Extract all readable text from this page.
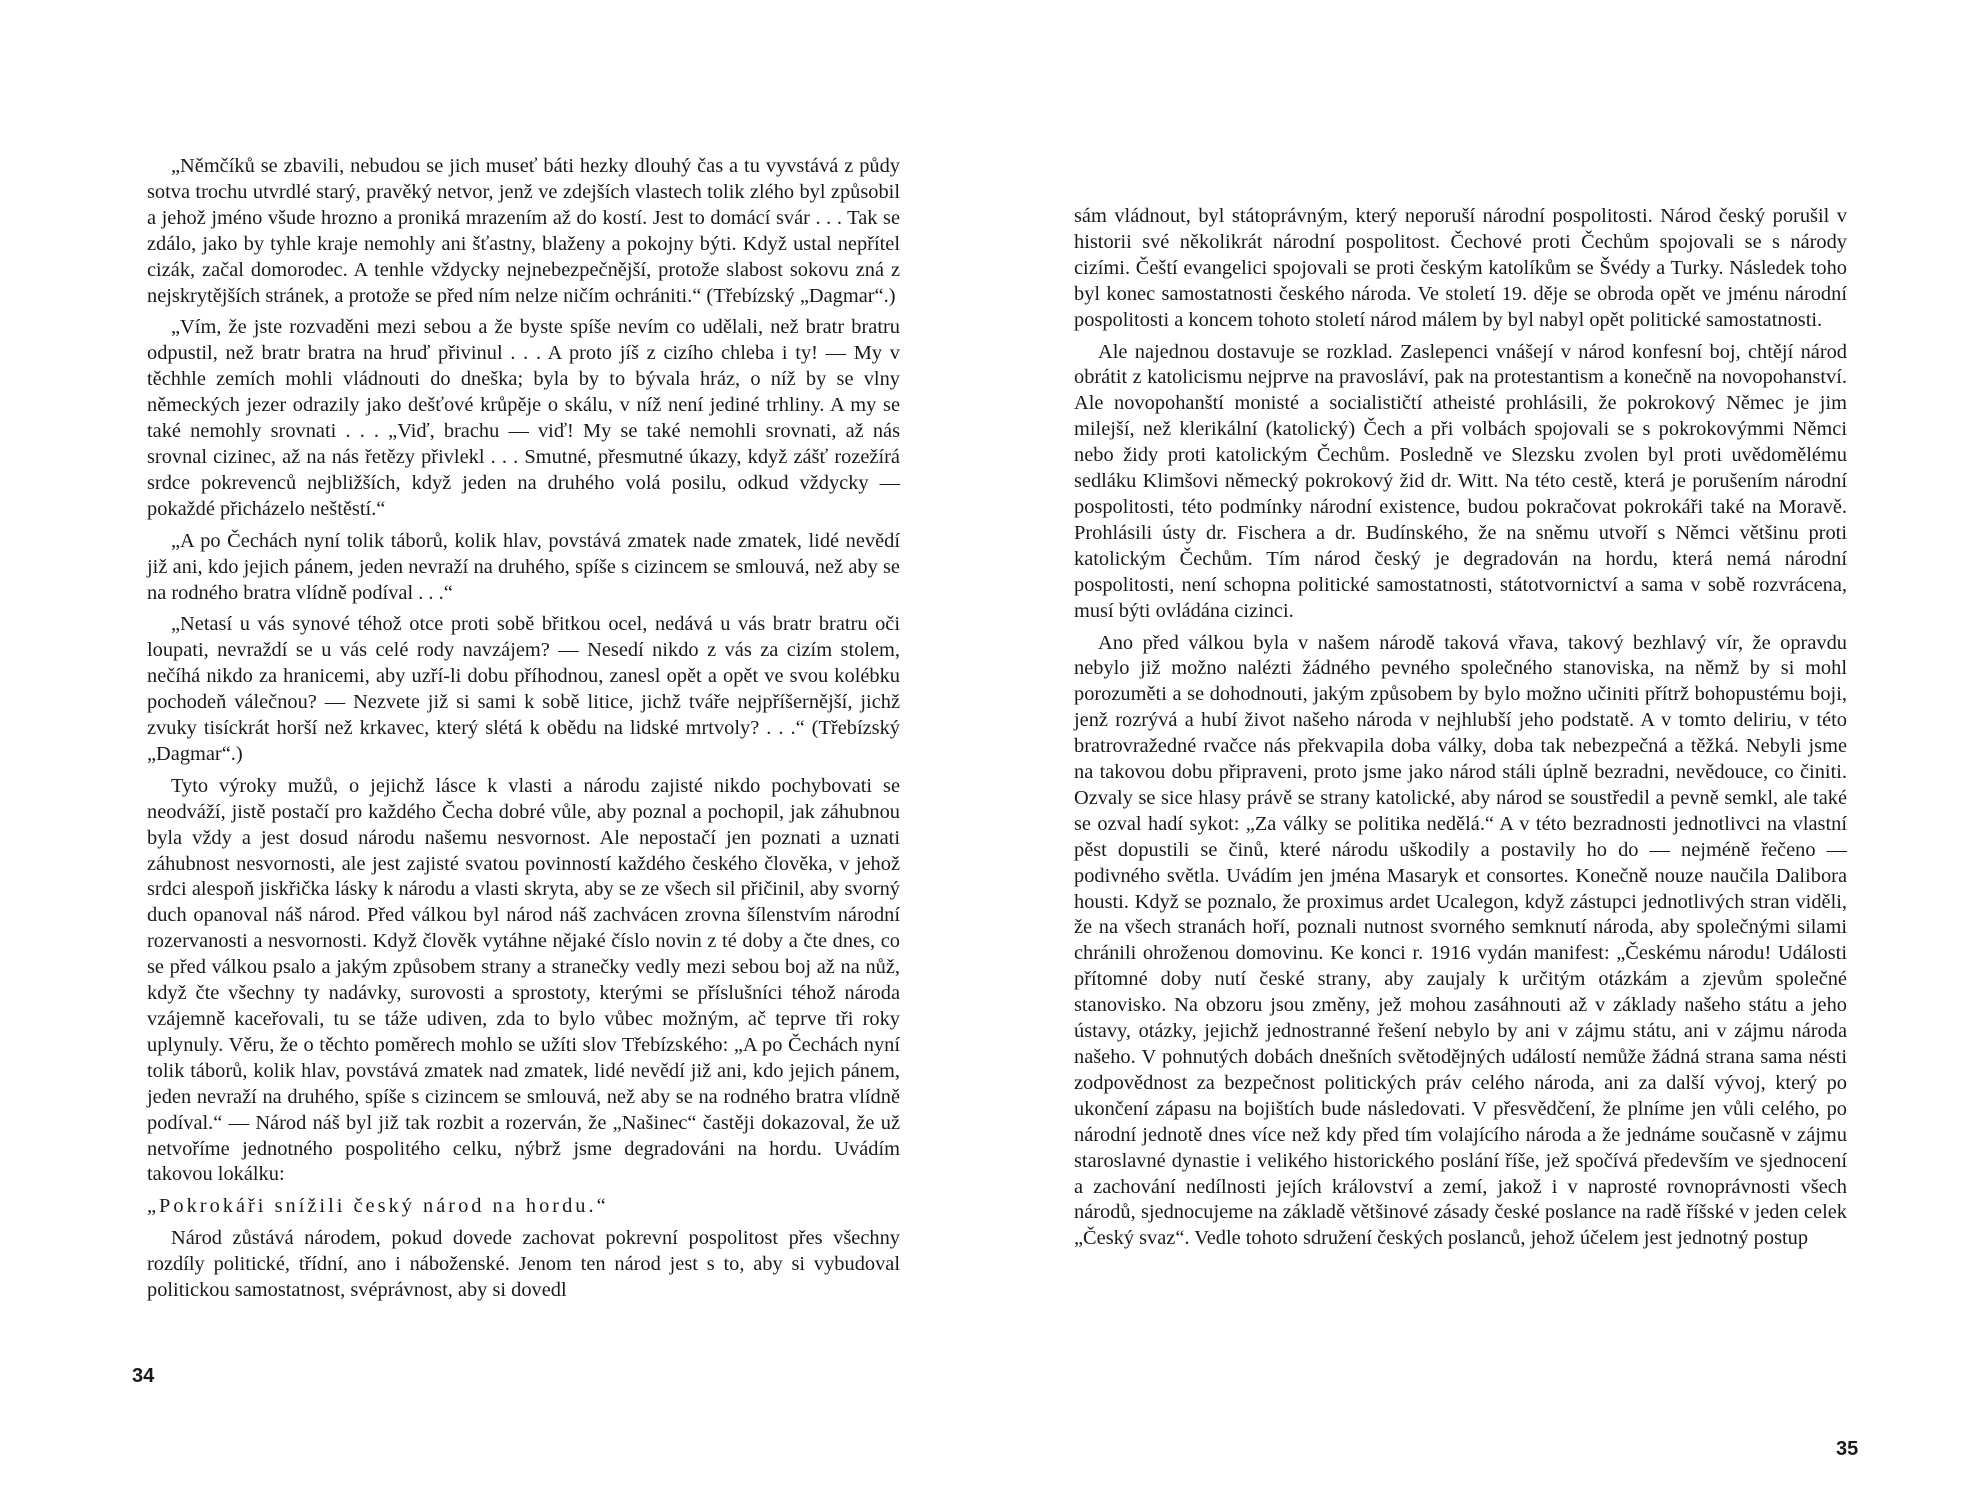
„Němčíků se zbavili, nebudou se jich museť báti hezky dlouhý čas a tu vyvstává z půdy sotva trochu utvrdlé starý, pravěký netvor, jenž ve zdejších vlastech tolik zlého byl způsobil a jehož jméno všude hrozno a proniká mrazením až do kostí. Jest to domácí svár . . . Tak se zdálo, jako by tyhle kraje nemohly ani šťastny, blaženy a pokojny býti. Když ustal nepřítel cizák, začal domorodec. A tenhle vždycky nejnebezpečnější, protože slabost sokovu zná z nejskrytějších stránek, a protože se před ním nelze ničím ochrániti.“ (Třebízský „Dagmar“.)

„Vím, že jste rozvaděni mezi sebou a že byste spíše nevím co udělali, než bratr bratru odpustil, než bratr bratra na hruď přivinul . . . A proto jíš z cizího chleba i ty! — My v těchhle zemích mohli vládnouti do dneška; byla by to bývala hráz, o níž by se vlny německých jezer odrazily jako dešťové krůpěje o skálu, v níž není jediné trhliny. A my se také nemohly srovnati . . . „Viď, brachu — viď! My se také nemohli srovnati, až nás srovnal cizinec, až na nás řetězy přivlekl . . . Smutné, přesmutné úkazy, když zášť rozežírá srdce pokrevenců nejbližších, když jeden na druhého volá posilu, odkud vždycky — pokaždé přicházelo neštěstí.“

„A po Čechách nyní tolik táborů, kolik hlav, povstává zmatek nade zmatek, lidé nevědí již ani, kdo jejich pánem, jeden nevraží na druhého, spíše s cizincem se smlouvá, než aby se na rodného bratra vlídně podíval . . .“

„Netasí u vás synové téhož otce proti sobě břitkou ocel, nedává u vás bratr bratru oči loupati, nevraždí se u vás celé rody navzájem? — Nesedí nikdo z vás za cizím stolem, nečíhá nikdo za hranicemi, aby uzří-li dobu příhodnou, zanesl opět a opět ve svou kolébku pochodeň válečnou? — Nezvete již si sami k sobě litice, jichž tváře nejpříšernější, jichž zvuky tisíckrát horší než krkavec, který slétá k obědu na lidské mrtvoly? . . .“ (Třebízský „Dagmar“.)

Tyto výroky mužů, o jejichž lásce k vlasti a národu zajisté nikdo pochybovati se neodváží, jistě postačí pro každého Čecha dobré vůle, aby poznal a pochopil, jak záhubnou byla vždy a jest dosud národu našemu nesvornost. Ale nepostačí jen poznati a uznati záhubnost nesvornosti, ale jest zajisté svatou povinností každého českého člověka, v jehož srdci alespoň jiskřička lásky k národu a vlasti skryta, aby se ze všech sil přičinil, aby svorný duch opanoval náš národ. Před válkou byl národ náš zachvácen zrovna šílenstvím národní rozervanosti a nesvornosti. Když člověk vytáhne nějaké číslo novin z té doby a čte dnes, co se před válkou psalo a jakým způsobem strany a stranečky vedly mezi sebou boj až na nůž, když čte všechny ty nadávky, surovosti a sprostoty, kterými se příslušníci téhož národa vzájemně kaceřovali, tu se táže udiven, zda to bylo vůbec možným, ač teprve tři roky uplynuly. Věru, že o těchto poměrech mohlo se užíti slov Třebízského: „A po Čechách nyní tolik táborů, kolik hlav, povstává zmatek nad zmatek, lidé nevědí již ani, kdo jejich pánem, jeden nevraží na druhého, spíše s cizincem se smlouvá, než aby se na rodného bratra vlídně podíval.“ — Národ náš byl již tak rozbit a rozerván, že „Našinec“ častěji dokazoval, že už netvoříme jednotného pospolitého celku, nýbrž jsme degradováni na hordu. Uvádím takovou lokálku:

„Pokrokáři snížili český národ na hordu.“

Národ zůstává národem, pokud dovede zachovat pokrevní pospolitost přes všechny rozdíly politické, třídní, ano i náboženské. Jenom ten národ jest s to, aby si vybudoval politickou samostatnost, svéprávnost, aby si dovedl

34

sám vládnout, byl státoprávným, který neporuší národní pospolitosti. Národ český porušil v historii své několikrát národní pospolitost. Čechové proti Čechům spojovali se s národy cizími. Čeští evangelici spojovali se proti českým katolíkům se Švédy a Turky. Následek toho byl konec samostatnosti českého národa. Ve století 19. děje se obroda opět ve jménu národní pospolitosti a koncem tohoto století národ málem by byl nabyl opět politické samostatnosti.

Ale najednou dostavuje se rozklad. Zaslepenci vnášejí v národ konfesní boj, chtějí národ obrátit z katolicismu nejprve na pravosláví, pak na protestantism a konečně na novopohanství. Ale novopohanští monisté a socialističtí atheisté prohlásili, že pokrokový Němec je jim milejší, než klerikální (katolický) Čech a při volbách spojovali se s pokrokovýmmi Němci nebo židy proti katolickým Čechům. Posledně ve Slezsku zvolen byl proti uvědomělému sedláku Klimšovi německý pokrokový žid dr. Witt. Na této cestě, která je porušením národní pospolitosti, této podmínky národní existence, budou pokračovat pokrokáři také na Moravě. Prohlásili ústy dr. Fischera a dr. Budínského, že na sněmu utvoří s Němci většinu proti katolickým Čechům. Tím národ český je degradován na hordu, která nemá národní pospolitosti, není schopna politické samostatnosti, státotvornictví a sama v sobě rozvrácena, musí býti ovládána cizinci.

Ano před válkou byla v našem národě taková vřava, takový bezhlavý vír, že opravdu nebylo již možno nalézti žádného pevného společného stanoviska, na němž by si mohl porozuměti a se dohodnouti, jakým způsobem by bylo možno učiniti přítrž bohopustému boji, jenž rozrývá a hubí život našeho národa v nejhlubší jeho podstatě. A v tomto deliriu, v této bratrovražedné rvačce nás překvapila doba války, doba tak nebezpečná a těžká. Nebyli jsme na takovou dobu připraveni, proto jsme jako národ stáli úplně bezradni, nevědouce, co činiti. Ozvaly se sice hlasy právě se strany katolické, aby národ se soustředil a pevně semkl, ale také se ozval hadí sykot: „Za války se politika nedělá.“ A v této bezradnosti jednotlivci na vlastní pěst dopustili se činů, které národu uškodily a postavily ho do — nejméně řečeno — podivného světla. Uvádím jen jména Masaryk et consortes. Konečně nouze naučila Dalibora housti. Když se poznalo, že proximus ardet Ucalegon, když zástupci jednotlivých stran viděli, že na všech stranách hoří, poznali nutnost svorného semknutí národa, aby společnými silami chránili ohroženou domovinu. Ke konci r. 1916 vydán manifest: „Českému národu! Události přítomné doby nutí české strany, aby zaujaly k určitým otázkám a zjevům společné stanovisko. Na obzoru jsou změny, jež mohou zasáhnouti až v základy našeho státu a jeho ústavy, otázky, jejichž jednostranné řešení nebylo by ani v zájmu státu, ani v zájmu národa našeho. V pohnutých dobách dnešních světodějných událostí nemůže žádná strana sama nésti zodpovědnost za bezpečnost politických práv celého národa, ani za další vývoj, který po ukončení zápasu na bojištích bude následovati. V přesvědčení, že plníme jen vůli celého, po národní jednotě dnes více než kdy před tím volajícího národa a že jednáme současně v zájmu staroslavné dynastie i velikého historického poslání říše, jež spočívá především ve sjednocení a zachování nedílnosti jejích království a zemí, jakož i v naprosté rovnoprávnosti všech národů, sjednocujeme na základě většinové zásady české poslance na radě říšské v jeden celek „Český svaz“. Vedle tohoto sdružení českých poslanců, jehož účelem jest jednotný postup

35
